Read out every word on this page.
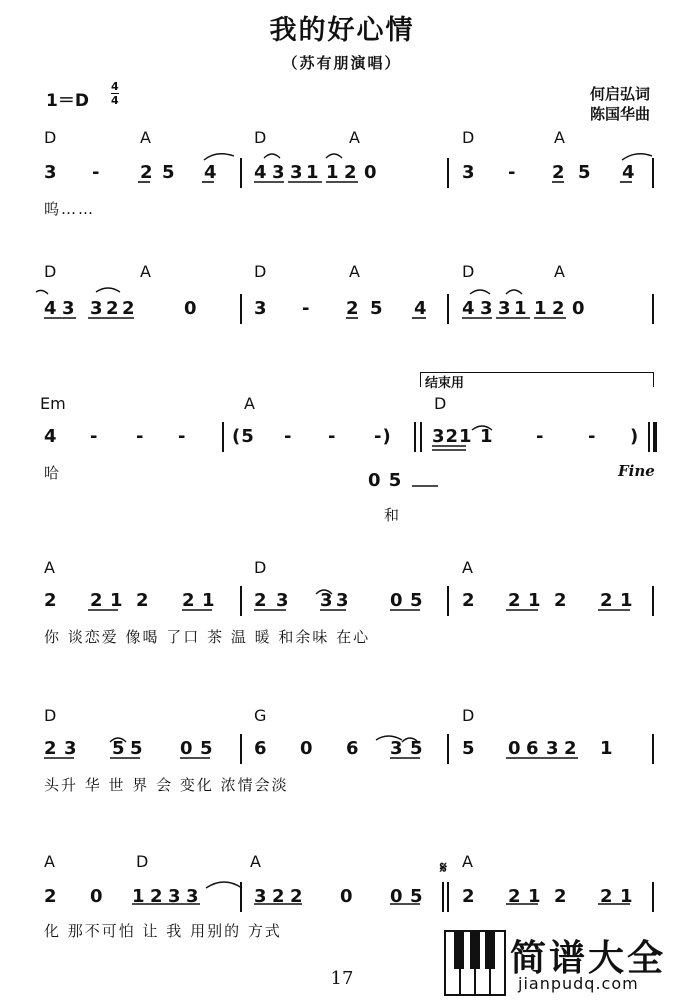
我的好心情
（苏有朋演唱）
1＝D
4
4	何启弘词
陈国华曲
D	A	D	A	D	A
3 - 2 5 4 4 3 3 1 1 2 0	3 - 2 5 4
呜……
D	A	D	A	D	A
4 3 3 2 2	0	3 - 2 5 4 4 3 3 1 1 2 0
结束用
Em	A	D
4 - - -	(5 - - -) 321 1 - - )
哈	0 5
和
Fine
A	D	A
2 2 1 2 2 1 2 3 3 3 0 5 2 2 1 2 2 1
你 谈恋爱 像喝 了口 茶 温 暖 和余味 在心
D	G	D
2 3 5 5 0 5 6 0 6 3 5 5 0 6 3 2 1
头升 华 世 界 会 变化 浓情会淡
A	D	A	𝄋 A
2 0 1 2 3 3	3 2 2 0 0 5 2 2 1 2 2 1
化 那不可怕 让 我 用别的 方式
17	简谱大全
jianpudq.com
